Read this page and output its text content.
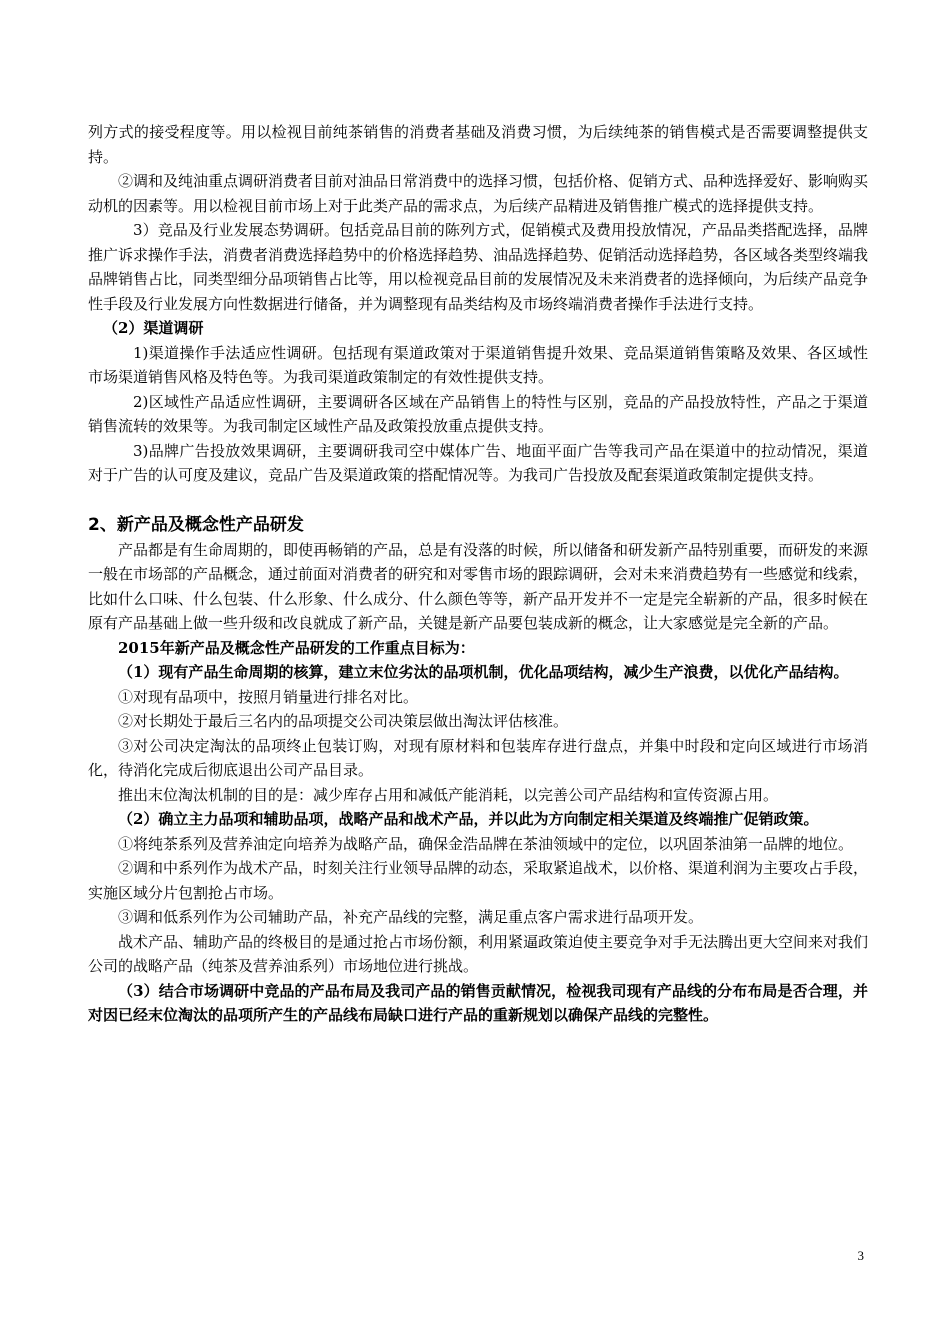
列方式的接受程度等。用以检视目前纯茶销售的消费者基础及消费习惯，为后续纯茶的销售模式是否需要调整提供支持。

②调和及纯油重点调研消费者目前对油品日常消费中的选择习惯，包括价格、促销方式、品种选择爱好、影响购买动机的因素等。用以检视目前市场上对于此类产品的需求点，为后续产品精进及销售推广模式的选择提供支持。

3）竞品及行业发展态势调研。包括竞品目前的陈列方式，促销模式及费用投放情况，产品品类搭配选择，品牌推广诉求操作手法，消费者消费选择趋势中的价格选择趋势、油品选择趋势、促销活动选择趋势，各区域各类型终端我品牌销售占比，同类型细分品项销售占比等，用以检视竞品目前的发展情况及未来消费者的选择倾向，为后续产品竞争性手段及行业发展方向性数据进行储备，并为调整现有品类结构及市场终端消费者操作手法进行支持。

（2）渠道调研

1)渠道操作手法适应性调研。包括现有渠道政策对于渠道销售提升效果、竞品渠道销售策略及效果、各区域性市场渠道销售风格及特色等。为我司渠道政策制定的有效性提供支持。

2)区域性产品适应性调研，主要调研各区域在产品销售上的特性与区别，竞品的产品投放特性，产品之于渠道销售流转的效果等。为我司制定区域性产品及政策投放重点提供支持。

3)品牌广告投放效果调研，主要调研我司空中媒体广告、地面平面广告等我司产品在渠道中的拉动情况，渠道对于广告的认可度及建议，竞品广告及渠道政策的搭配情况等。为我司广告投放及配套渠道政策制定提供支持。

2、新产品及概念性产品研发

产品都是有生命周期的，即使再畅销的产品，总是有没落的时候，所以储备和研发新产品特别重要，而研发的来源一般在市场部的产品概念，通过前面对消费者的研究和对零售市场的跟踪调研，会对未来消费趋势有一些感觉和线索，比如什么口味、什么包装、什么形象、什么成分、什么颜色等等，新产品开发并不一定是完全崭新的产品，很多时候在原有产品基础上做一些升级和改良就成了新产品，关键是新产品要包装成新的概念，让大家感觉是完全新的产品。

2015年新产品及概念性产品研发的工作重点目标为：

（1）现有产品生命周期的核算，建立末位劣汰的品项机制，优化品项结构，减少生产浪费，以优化产品结构。

①对现有品项中，按照月销量进行排名对比。

②对长期处于最后三名内的品项提交公司决策层做出淘汰评估核准。

③对公司决定淘汰的品项终止包装订购，对现有原材料和包装库存进行盘点，并集中时段和定向区域进行市场消化，待消化完成后彻底退出公司产品目录。

推出末位淘汰机制的目的是：减少库存占用和减低产能消耗，以完善公司产品结构和宣传资源占用。

（2）确立主力品项和辅助品项，战略产品和战术产品，并以此为方向制定相关渠道及终端推广促销政策。

①将纯茶系列及营养油定向培养为战略产品，确保金浩品牌在茶油领域中的定位，以巩固茶油第一品牌的地位。

②调和中系列作为战术产品，时刻关注行业领导品牌的动态，采取紧追战术，以价格、渠道利润为主要攻占手段，实施区域分片包割抢占市场。

③调和低系列作为公司辅助产品，补充产品线的完整，满足重点客户需求进行品项开发。

战术产品、辅助产品的终极目的是通过抢占市场份额，利用紧逼政策迫使主要竞争对手无法腾出更大空间来对我们公司的战略产品（纯茶及营养油系列）市场地位进行挑战。

（3）结合市场调研中竞品的产品布局及我司产品的销售贡献情况，检视我司现有产品线的分布布局是否合理，并对因已经末位淘汰的品项所产生的产品线布局缺口进行产品的重新规划以确保产品线的完整性。

3
